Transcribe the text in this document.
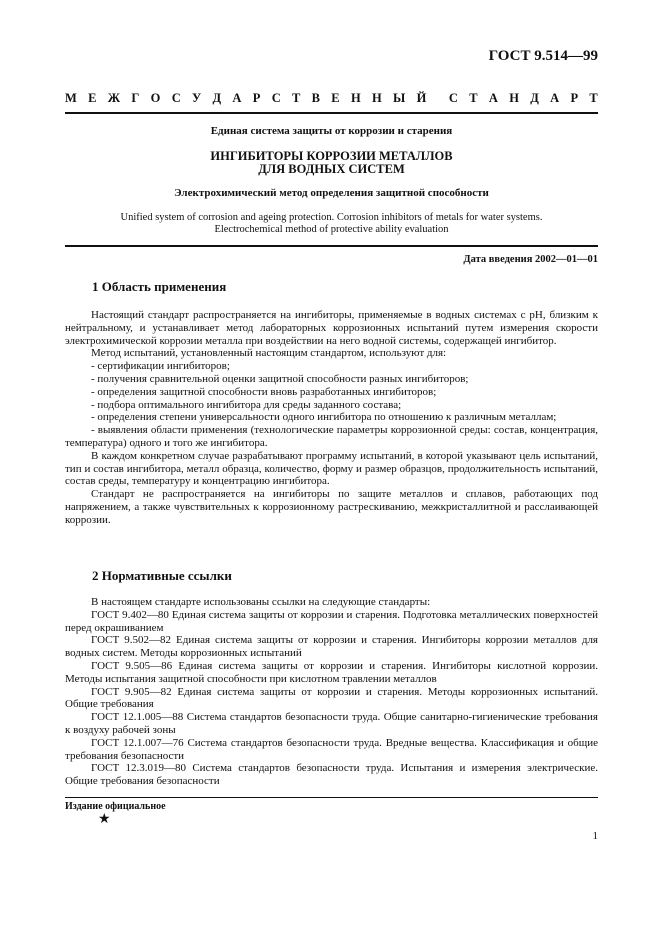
ГОСТ 9.514—99
М Е Ж Г О С У Д А Р С Т В Е Н Н Ы Й С Т А Н Д А Р Т
Единая система защиты от коррозии и старения
ИНГИБИТОРЫ КОРРОЗИИ МЕТАЛЛОВ
ДЛЯ ВОДНЫХ СИСТЕМ
Электрохимический метод определения защитной способности
Unified system of corrosion and ageing protection. Corrosion inhibitors of metals for water systems.
Electrochemical method of protective ability evaluation
Дата введения 2002—01—01
1 Область применения

Настоящий стандарт распространяется на ингибиторы, применяемые в водных системах с pH, близким к нейтральному, и устанавливает метод лабораторных коррозионных испытаний путем измерения скорости электрохимической коррозии металла при воздействии на него водной системы, содержащей ингибитор.

Метод испытаний, установленный настоящим стандартом, используют для:

- сертификации ингибиторов;

- получения сравнительной оценки защитной способности разных ингибиторов;

- определения защитной способности вновь разработанных ингибиторов;

- подбора оптимального ингибитора для среды заданного состава;

- определения степени универсальности одного ингибитора по отношению к различным металлам;

- выявления области применения (технологические параметры коррозионной среды: состав, концентрация, температура) одного и того же ингибитора.

В каждом конкретном случае разрабатывают программу испытаний, в которой указывают цель испытаний, тип и состав ингибитора, металл образца, количество, форму и размер образцов, продолжительность испытаний, состав среды, температуру и концентрацию ингибитора.

Стандарт не распространяется на ингибиторы по защите металлов и сплавов, работающих под напряжением, а также чувствительных к коррозионному растрескиванию, межкристаллитной и расслаивающей коррозии.

2 Нормативные ссылки

В настоящем стандарте использованы ссылки на следующие стандарты:

ГОСТ 9.402—80 Единая система защиты от коррозии и старения. Подготовка металлических поверхностей перед окрашиванием

ГОСТ 9.502—82 Единая система защиты от коррозии и старения. Ингибиторы коррозии металлов для водных систем. Методы коррозионных испытаний

ГОСТ 9.505—86 Единая система защиты от коррозии и старения. Ингибиторы кислотной коррозии. Методы испытания защитной способности при кислотном травлении металлов

ГОСТ 9.905—82 Единая система защиты от коррозии и старения. Методы коррозионных испытаний. Общие требования

ГОСТ 12.1.005—88 Система стандартов безопасности труда. Общие санитарно-гигиенические требования к воздуху рабочей зоны

ГОСТ 12.1.007—76 Система стандартов безопасности труда. Вредные вещества. Классификация и общие требования безопасности

ГОСТ 12.3.019—80 Система стандартов безопасности труда. Испытания и измерения электрические. Общие требования безопасности

Издание официальное
★
1
